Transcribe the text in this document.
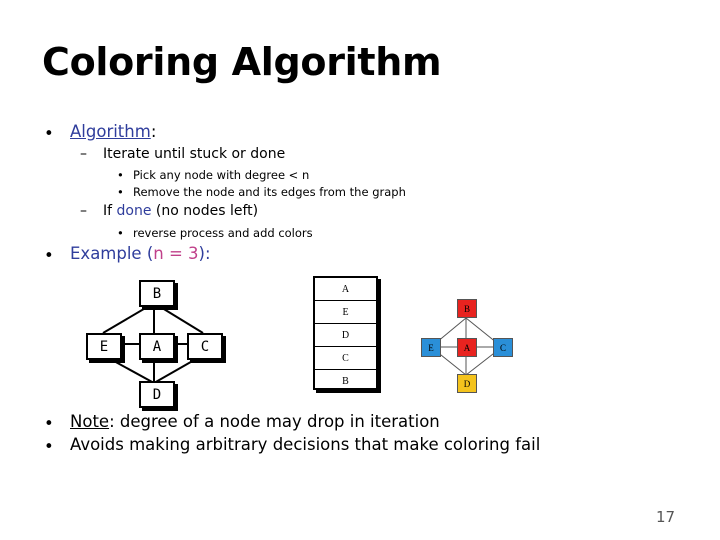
Coloring Algorithm
• Algorithm:
– Iterate until stuck or done
• Pick any node with degree < n
• Remove the node and its edges from the graph
– If done (no nodes left)
• reverse process and add colors
• Example (n = 3):
B
E	A	C
D
A
E
D
C
B
B
E	A	C
D
• Note: degree of a node may drop in iteration
• Avoids making arbitrary decisions that make coloring fail
17
